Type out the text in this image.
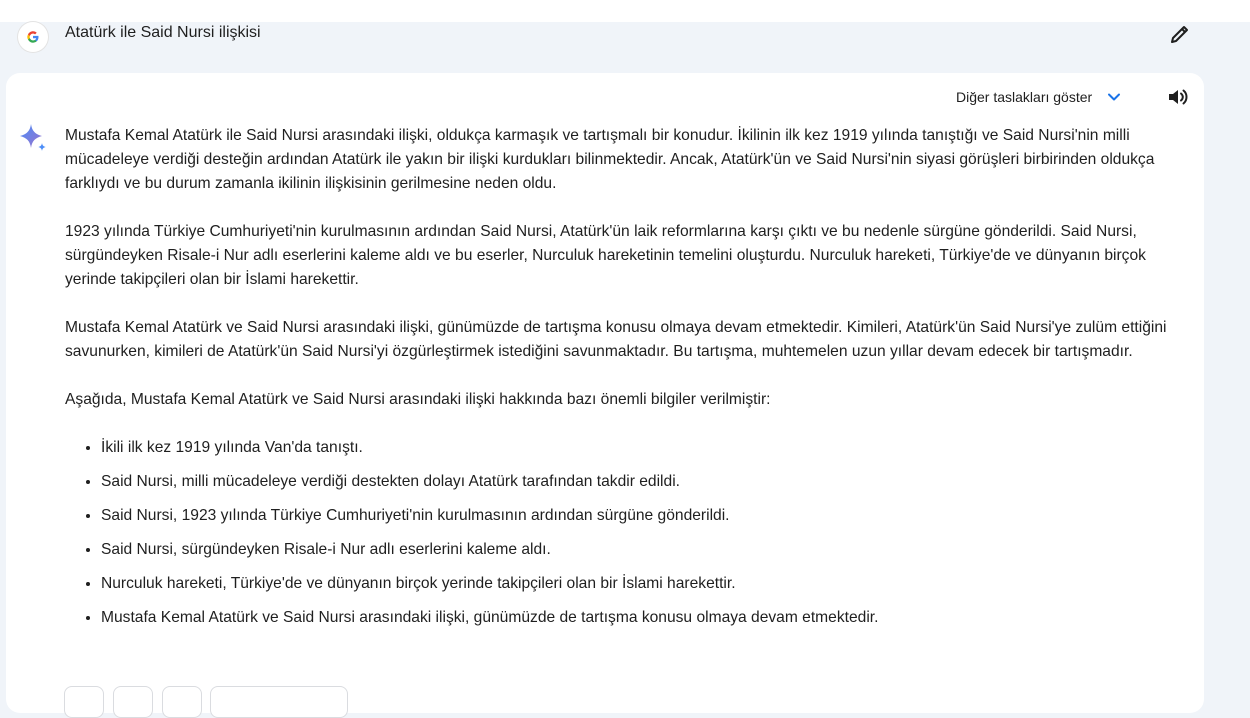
Atatürk ile Said Nursi ilişkisi
Diğer taslakları göster

Mustafa Kemal Atatürk ile Said Nursi arasındaki ilişki, oldukça karmaşık ve tartışmalı bir konudur. İkilinin ilk kez 1919 yılında tanıştığı ve Said Nursi'nin milli mücadeleye verdiği desteğin ardından Atatürk ile yakın bir ilişki kurdukları bilinmektedir. Ancak, Atatürk'ün ve Said Nursi'nin siyasi görüşleri birbirinden oldukça farklıydı ve bu durum zamanla ikilinin ilişkisinin gerilmesine neden oldu.

1923 yılında Türkiye Cumhuriyeti'nin kurulmasının ardından Said Nursi, Atatürk'ün laik reformlarına karşı çıktı ve bu nedenle sürgüne gönderildi. Said Nursi, sürgündeyken Risale-i Nur adlı eserlerini kaleme aldı ve bu eserler, Nurculuk hareketinin temelini oluşturdu. Nurculuk hareketi, Türkiye'de ve dünyanın birçok yerinde takipçileri olan bir İslami harekettir.

Mustafa Kemal Atatürk ve Said Nursi arasındaki ilişki, günümüzde de tartışma konusu olmaya devam etmektedir. Kimileri, Atatürk'ün Said Nursi'ye zulüm ettiğini savunurken, kimileri de Atatürk'ün Said Nursi'yi özgürleştirmek istediğini savunmaktadır. Bu tartışma, muhtemelen uzun yıllar devam edecek bir tartışmadır.

Aşağıda, Mustafa Kemal Atatürk ve Said Nursi arasındaki ilişki hakkında bazı önemli bilgiler verilmiştir:

• İkili ilk kez 1919 yılında Van'da tanıştı.
• Said Nursi, milli mücadeleye verdiği destekten dolayı Atatürk tarafından takdir edildi.
• Said Nursi, 1923 yılında Türkiye Cumhuriyeti'nin kurulmasının ardından sürgüne gönderildi.
• Said Nursi, sürgündeyken Risale-i Nur adlı eserlerini kaleme aldı.
• Nurculuk hareketi, Türkiye'de ve dünyanın birçok yerinde takipçileri olan bir İslami harekettir.
• Mustafa Kemal Atatürk ve Said Nursi arasındaki ilişki, günümüzde de tartışma konusu olmaya devam etmektedir.
